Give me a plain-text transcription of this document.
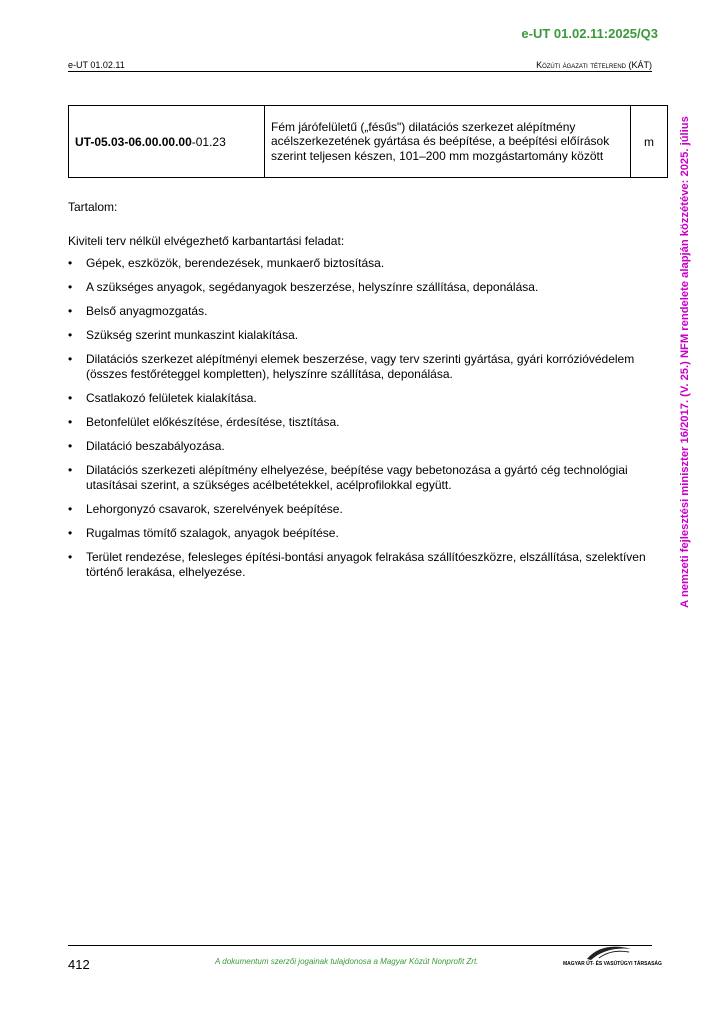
e-UT 01.02.11:2025/Q3
e-UT 01.02.11	Közúti ágazati tételrend (KÁT)
A nemzeti fejlesztési miniszter 16/2017. (V. 25.) NFM rendelete alapján közzétéve: 2025. július
UT-05.03-06.00.00.00-01.23	Fém járófelületű („fésűs") dilatációs szerkezet alépítmény acélszerkezetének gyártása és beépítése, a beépítési előírások szerint teljesen készen, 101–200 mm mozgástartomány között	m

Tartalom:

Kiviteli terv nélkül elvégezhető karbantartási feladat:

• Gépek, eszközök, berendezések, munkaerő biztosítása.
• A szükséges anyagok, segédanyagok beszerzése, helyszínre szállítása, deponálása.
• Belső anyagmozgatás.
• Szükség szerint munkaszint kialakítása.
• Dilatációs szerkezet alépítményi elemek beszerzése, vagy terv szerinti gyártása, gyári korrózióvédelem (összes festőréteggel kompletten), helyszínre szállítása, deponálása.
• Csatlakozó felületek kialakítása.
• Betonfelület előkészítése, érdesítése, tisztítása.
• Dilatáció beszabályozása.
• Dilatációs szerkezeti alépítmény elhelyezése, beépítése vagy bebetonozása a gyártó cég technológiai utasításai szerint, a szükséges acélbetétekkel, acélprofilokkal együtt.
• Lehorgonyzó csavarok, szerelvények beépítése.
• Rugalmas tömítő szalagok, anyagok beépítése.
• Terület rendezése, felesleges építési-bontási anyagok felrakása szállítóeszközre, elszállítása, szelektíven történő lerakása, elhelyezése.
412	A dokumentum szerzői jogainak tulajdonosa a Magyar Közút Nonprofit Zrt.	MAGYAR ÚT- ÉS VASÚTÜGYI TÁRSASÁG
